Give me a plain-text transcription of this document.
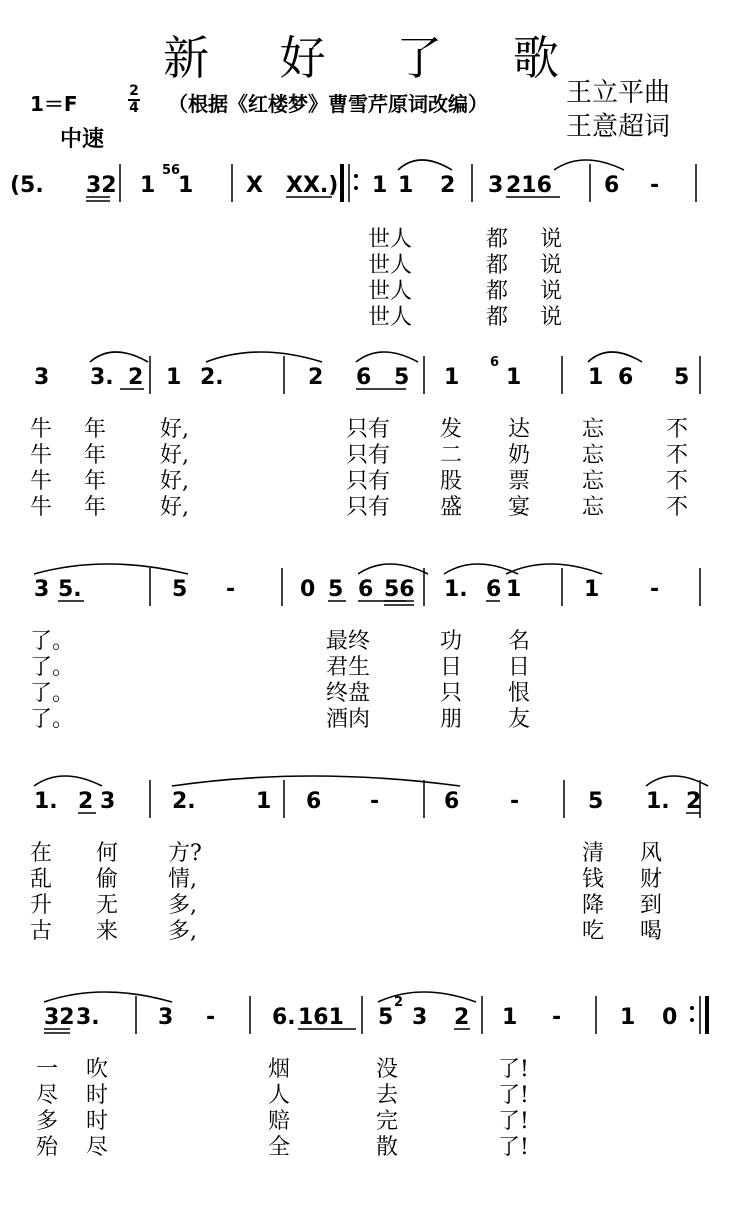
新 好 了 歌
1＝F
2
4 （根据《红楼梦》曹雪芹原词改编）	王立平曲
王意超词
中速
(5. 32 1
56
1 X XX.) 1 1 2 3 216 6 -
世人	都 说
世人	都 说
世人	都 说
世人	都 说
3 3. 2 1 2.	2 6 5 1
6
1	1 6 5
牛 年 好,	只有 发 达 忘	不
牛 年 好,	只有 二 奶 忘	不
牛 年 好,	只有 股 票 忘	不
牛 年 好,	只有 盛 宴 忘	不
3 5.	5 -	0 5 6 56 1. 6 1	1 -
了。	最终	功 名
了。	君生	日 日
了。	终盘	只 恨
了。	酒肉	朋 友
1. 2 3	2.	1 6 -	6 -	5 1. 2
在 何 方?	清 风
乱 偷 情,	钱 财
升 无 多,	降 到
古 来 多,	吃 喝
32 3.	3 -	6. 161 5
2
3 2 1 -	1 0
一 吹	烟	没	了!
尽 时	人	去	了!
多 时	赔	完	了!
殆 尽	全	散	了!
